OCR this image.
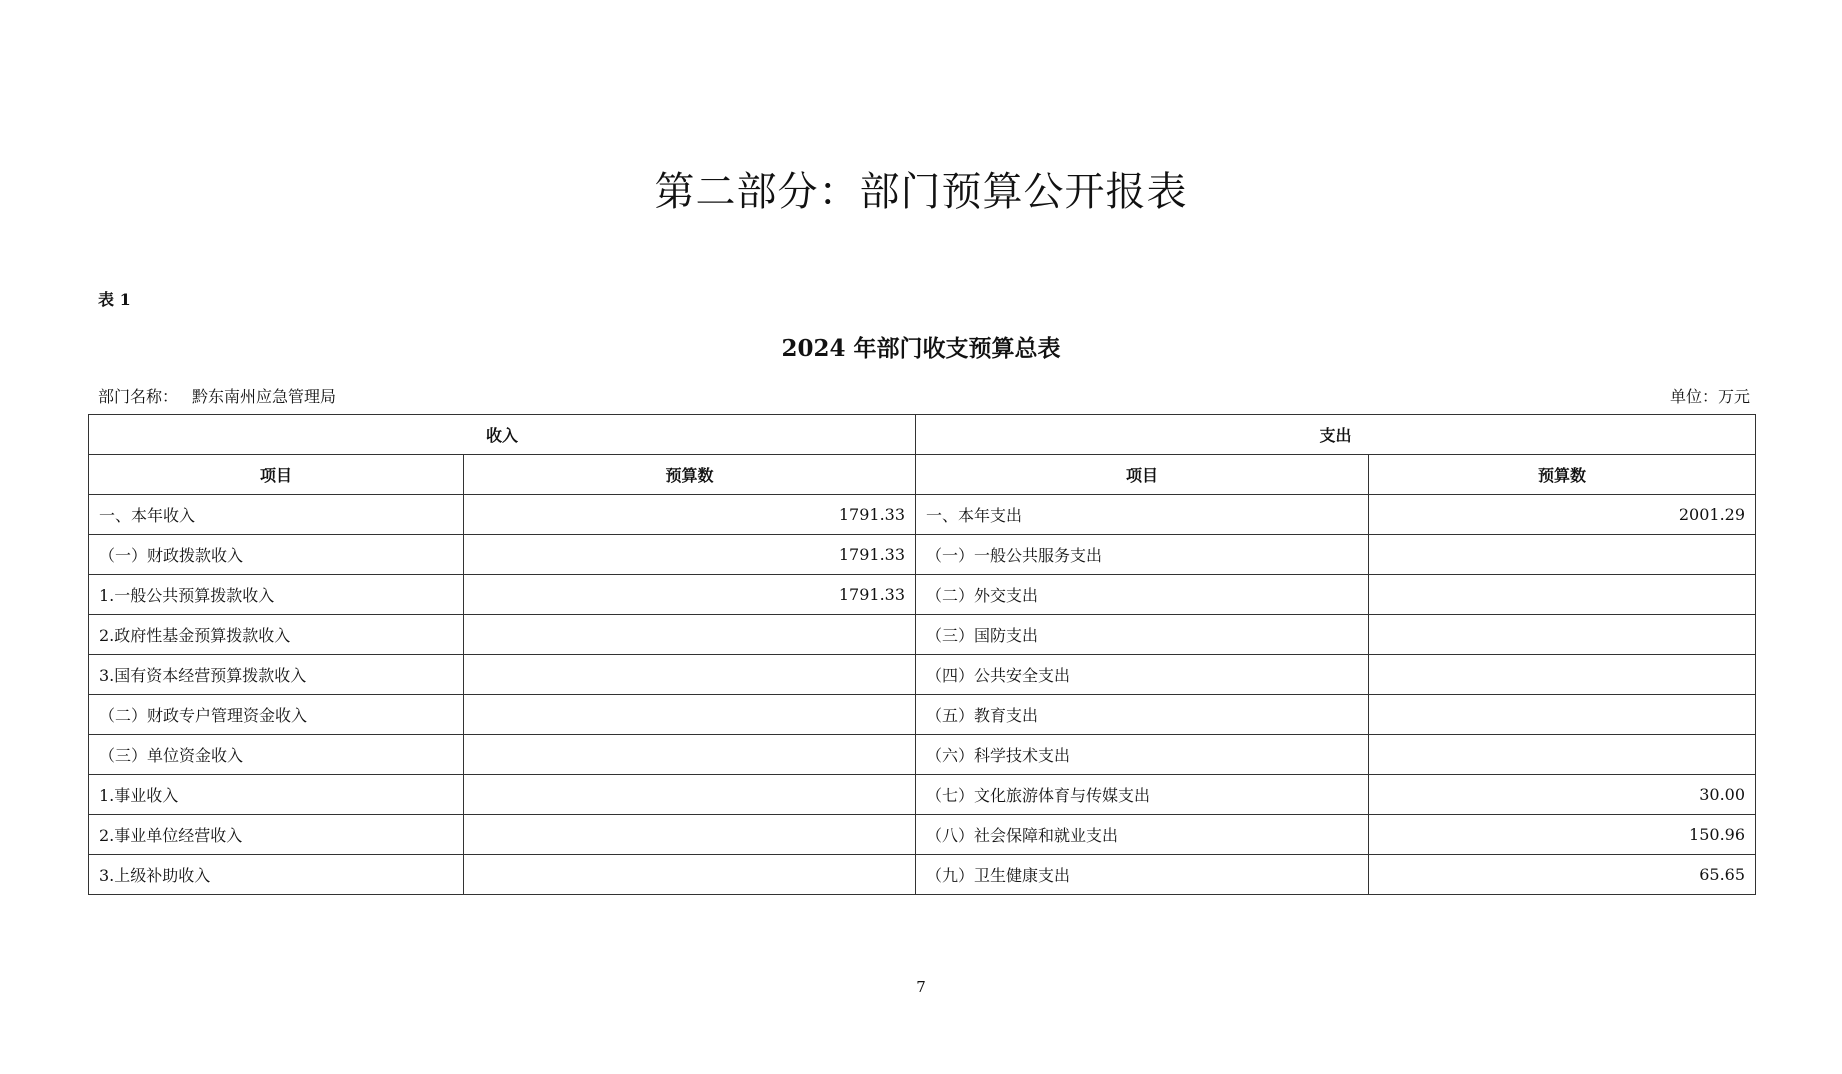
第二部分：部门预算公开报表
表 1
2024 年部门收支预算总表
部门名称： 黔东南州应急管理局	单位：万元
收入		支出	
项目	预算数	项目	预算数
一、本年收入	1791.33	一、本年支出	2001.29
（一）财政拨款收入	1791.33	（一）一般公共服务支出	
1.一般公共预算拨款收入	1791.33	（二）外交支出	
2.政府性基金预算拨款收入		（三）国防支出	
3.国有资本经营预算拨款收入		（四）公共安全支出	
（二）财政专户管理资金收入		（五）教育支出	
（三）单位资金收入		（六）科学技术支出	
1.事业收入		（七）文化旅游体育与传媒支出	30.00
2.事业单位经营收入		（八）社会保障和就业支出	150.96
3.上级补助收入		（九）卫生健康支出	65.65
7
